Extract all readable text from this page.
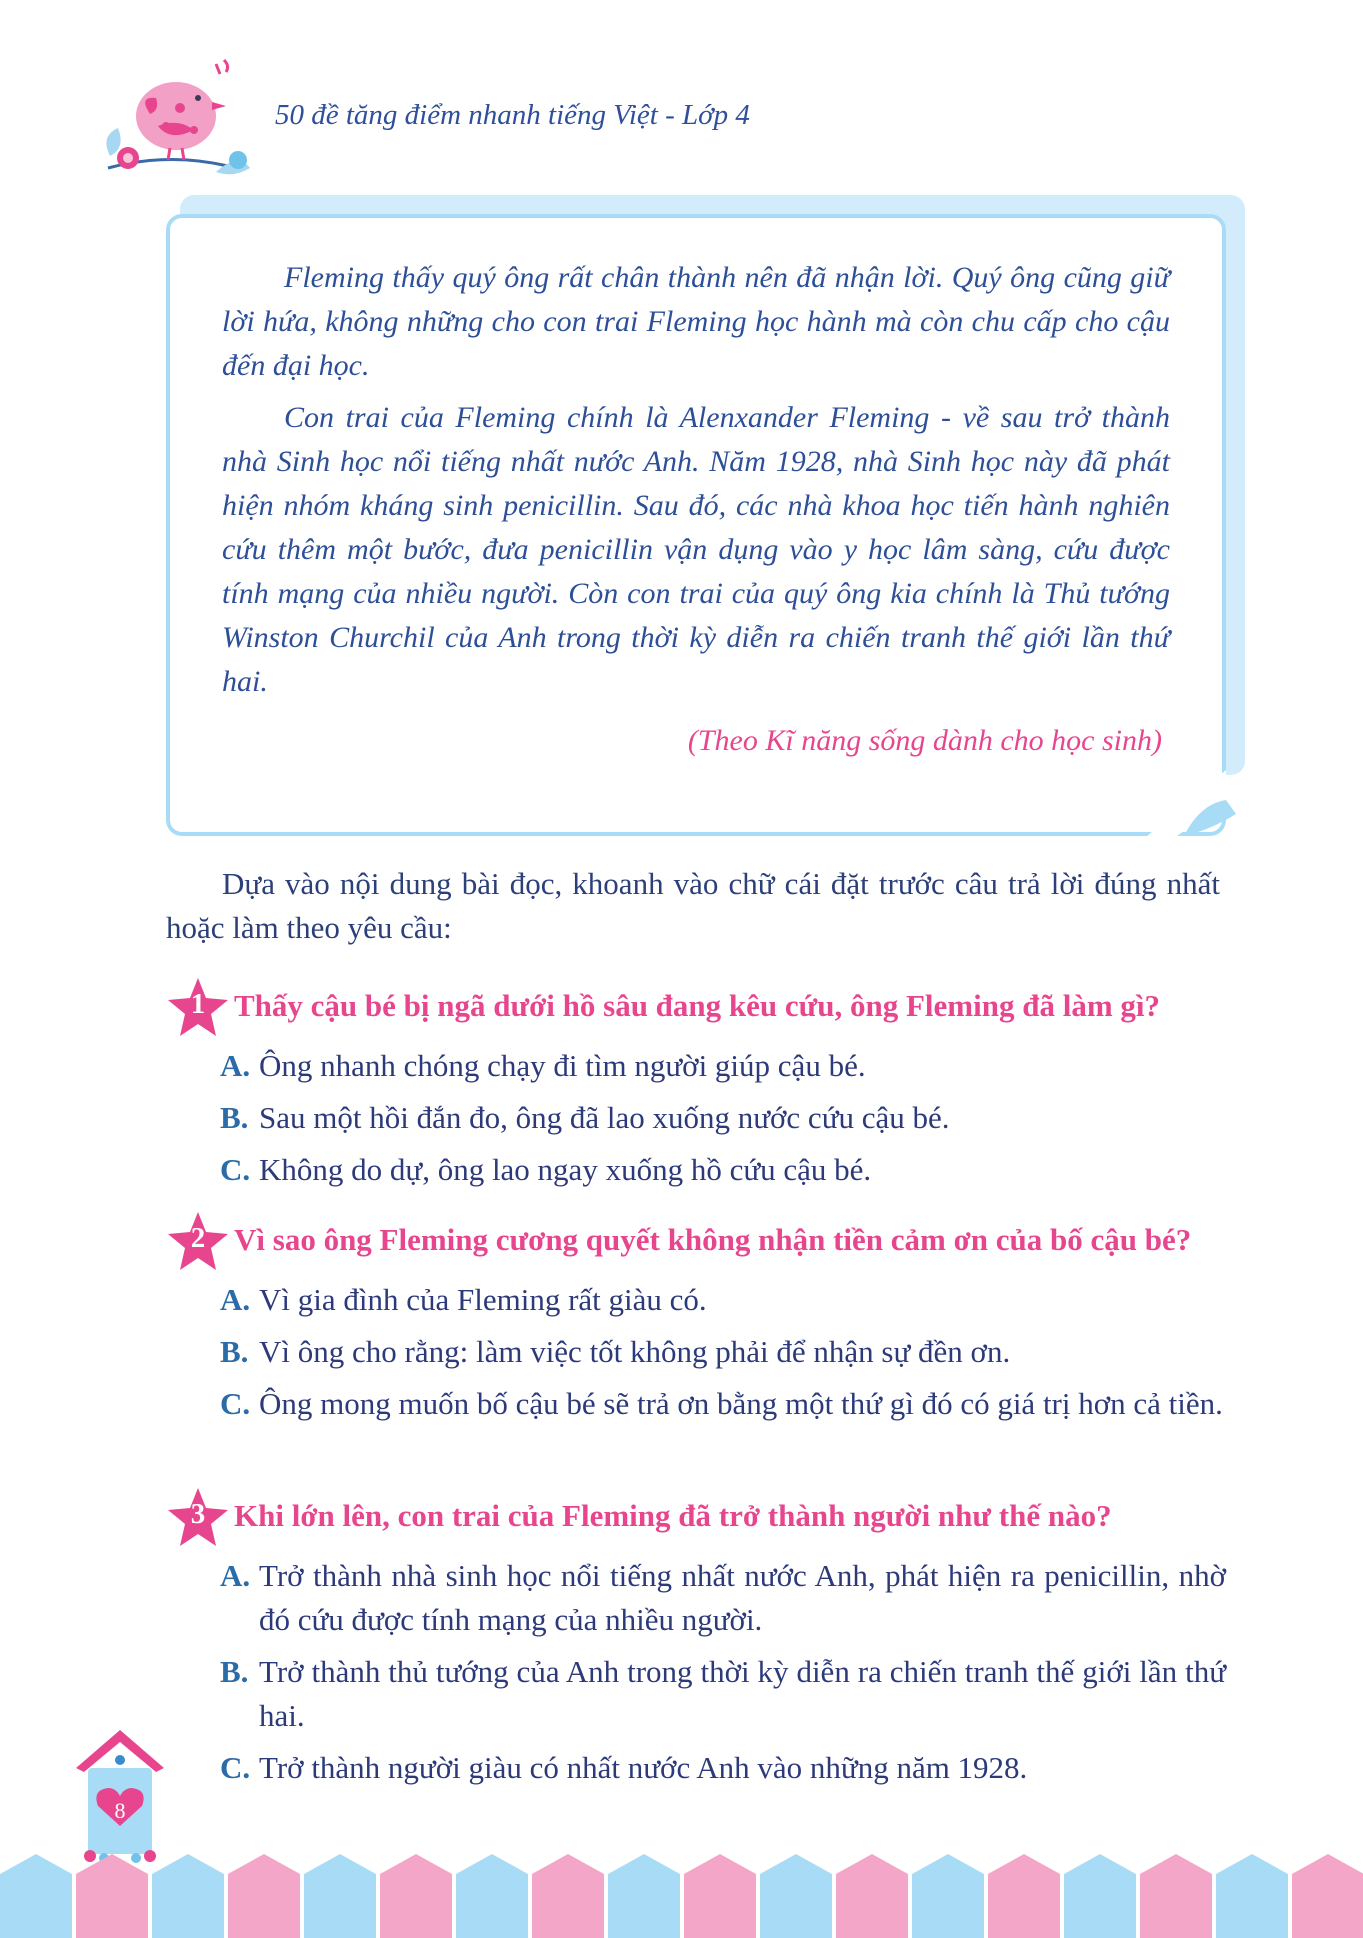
50 đề tăng điểm nhanh tiếng Việt - Lớp 4

Fleming thấy quý ông rất chân thành nên đã nhận lời. Quý ông cũng giữ lời hứa, không những cho con trai Fleming học hành mà còn chu cấp cho cậu đến đại học.

Con trai của Fleming chính là Alenxander Fleming - về sau trở thành nhà Sinh học nổi tiếng nhất nước Anh. Năm 1928, nhà Sinh học này đã phát hiện nhóm kháng sinh penicillin. Sau đó, các nhà khoa học tiến hành nghiên cứu thêm một bước, đưa penicillin vận dụng vào y học lâm sàng, cứu được tính mạng của nhiều người. Còn con trai của quý ông kia chính là Thủ tướng Winston Churchil của Anh trong thời kỳ diễn ra chiến tranh thế giới lần thứ hai.

(Theo Kĩ năng sống dành cho học sinh)
Dựa vào nội dung bài đọc, khoanh vào chữ cái đặt trước câu trả lời đúng nhất hoặc làm theo yêu cầu:
1 Thấy cậu bé bị ngã dưới hồ sâu đang kêu cứu, ông Fleming đã làm gì?
A. Ông nhanh chóng chạy đi tìm người giúp cậu bé.
B. Sau một hồi đắn đo, ông đã lao xuống nước cứu cậu bé.
C. Không do dự, ông lao ngay xuống hồ cứu cậu bé.
2 Vì sao ông Fleming cương quyết không nhận tiền cảm ơn của bố cậu bé?
A. Vì gia đình của Fleming rất giàu có.
B. Vì ông cho rằng: làm việc tốt không phải để nhận sự đền ơn.
C. Ông mong muốn bố cậu bé sẽ trả ơn bằng một thứ gì đó có giá trị hơn cả tiền.
3 Khi lớn lên, con trai của Fleming đã trở thành người như thế nào?
A. Trở thành nhà sinh học nổi tiếng nhất nước Anh, phát hiện ra penicillin, nhờ đó cứu được tính mạng của nhiều người.
B. Trở thành thủ tướng của Anh trong thời kỳ diễn ra chiến tranh thế giới lần thứ hai.
C. Trở thành người giàu có nhất nước Anh vào những năm 1928.
8
